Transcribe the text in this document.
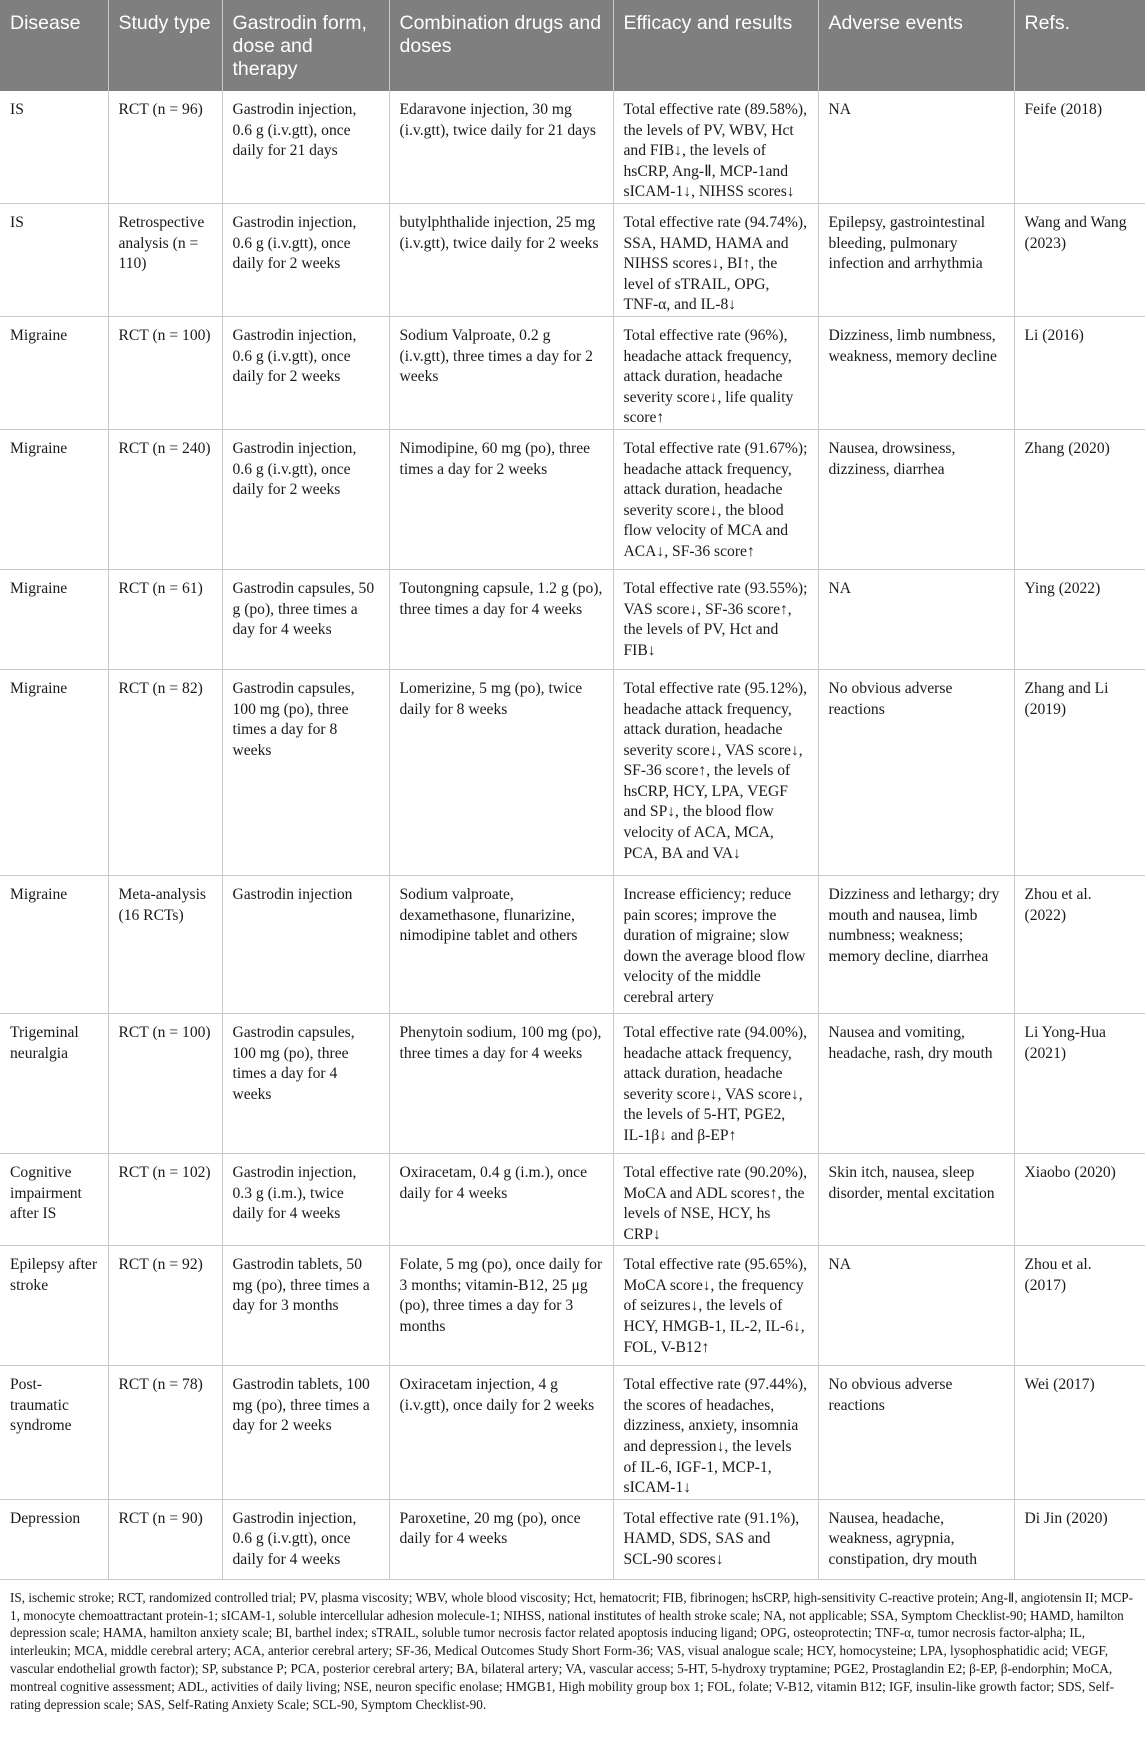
Disease	Study type	Gastrodin form, dose and therapy	Combination drugs and doses	Efficacy and results	Adverse events	Refs.
IS	RCT (n = 96)	Gastrodin injection, 0.6 g (i.v.gtt), once daily for 21 days	Edaravone injection, 30 mg (i.v.gtt), twice daily for 21 days	Total effective rate (89.58%), the levels of PV, WBV, Hct and FIB↓, the levels of hsCRP, Ang-Ⅱ, MCP-1and sICAM-1↓, NIHSS scores↓	NA	Feife (2018)
IS	Retrospective analysis (n = 110)	Gastrodin injection, 0.6 g (i.v.gtt), once daily for 2 weeks	butylphthalide injection, 25 mg (i.v.gtt), twice daily for 2 weeks	Total effective rate (94.74%), SSA, HAMD, HAMA and NIHSS scores↓, BI↑, the level of sTRAIL, OPG, TNF-α, and IL-8↓	Epilepsy, gastrointestinal bleeding, pulmonary infection and arrhythmia	Wang and Wang (2023)
Migraine	RCT (n = 100)	Gastrodin injection, 0.6 g (i.v.gtt), once daily for 2 weeks	Sodium Valproate, 0.2 g (i.v.gtt), three times a day for 2 weeks	Total effective rate (96%), headache attack frequency, attack duration, headache severity score↓, life quality score↑	Dizziness, limb numbness, weakness, memory decline	Li (2016)
Migraine	RCT (n = 240)	Gastrodin injection, 0.6 g (i.v.gtt), once daily for 2 weeks	Nimodipine, 60 mg (po), three times a day for 2 weeks	Total effective rate (91.67%); headache attack frequency, attack duration, headache severity score↓, the blood flow velocity of MCA and ACA↓, SF-36 score↑	Nausea, drowsiness, dizziness, diarrhea	Zhang (2020)
Migraine	RCT (n = 61)	Gastrodin capsules, 50 g (po), three times a day for 4 weeks	Toutongning capsule, 1.2 g (po), three times a day for 4 weeks	Total effective rate (93.55%); VAS score↓, SF-36 score↑, the levels of PV, Hct and FIB↓	NA	Ying (2022)
Migraine	RCT (n = 82)	Gastrodin capsules, 100 mg (po), three times a day for 8 weeks	Lomerizine, 5 mg (po), twice daily for 8 weeks	Total effective rate (95.12%), headache attack frequency, attack duration, headache severity score↓, VAS score↓, SF-36 score↑, the levels of hsCRP, HCY, LPA, VEGF and SP↓, the blood flow velocity of ACA, MCA, PCA, BA and VA↓	No obvious adverse reactions	Zhang and Li (2019)
Migraine	Meta-analysis (16 RCTs)	Gastrodin injection	Sodium valproate, dexamethasone, flunarizine, nimodipine tablet and others	Increase efficiency; reduce pain scores; improve the duration of migraine; slow down the average blood flow velocity of the middle cerebral artery	Dizziness and lethargy; dry mouth and nausea, limb numbness; weakness; memory decline, diarrhea	Zhou et al. (2022)
Trigeminal neuralgia	RCT (n = 100)	Gastrodin capsules, 100 mg (po), three times a day for 4 weeks	Phenytoin sodium, 100 mg (po), three times a day for 4 weeks	Total effective rate (94.00%), headache attack frequency, attack duration, headache severity score↓, VAS score↓, the levels of 5-HT, PGE2, IL-1β↓ and β-EP↑	Nausea and vomiting, headache, rash, dry mouth	Li Yong-Hua (2021)
Cognitive impairment after IS	RCT (n = 102)	Gastrodin injection, 0.3 g (i.m.), twice daily for 4 weeks	Oxiracetam, 0.4 g (i.m.), once daily for 4 weeks	Total effective rate (90.20%), MoCA and ADL scores↑, the levels of NSE, HCY, hs CRP↓	Skin itch, nausea, sleep disorder, mental excitation	Xiaobo (2020)
Epilepsy after stroke	RCT (n = 92)	Gastrodin tablets, 50 mg (po), three times a day for 3 months	Folate, 5 mg (po), once daily for 3 months; vitamin-B12, 25 μg (po), three times a day for 3 months	Total effective rate (95.65%), MoCA score↓, the frequency of seizures↓, the levels of HCY, HMGB-1, IL-2, IL-6↓, FOL, V-B12↑	NA	Zhou et al. (2017)
Post-traumatic syndrome	RCT (n = 78)	Gastrodin tablets, 100 mg (po), three times a day for 2 weeks	Oxiracetam injection, 4 g (i.v.gtt), once daily for 2 weeks	Total effective rate (97.44%), the scores of headaches, dizziness, anxiety, insomnia and depression↓, the levels of IL-6, IGF-1, MCP-1, sICAM-1↓	No obvious adverse reactions	Wei (2017)
Depression	RCT (n = 90)	Gastrodin injection, 0.6 g (i.v.gtt), once daily for 4 weeks	Paroxetine, 20 mg (po), once daily for 4 weeks	Total effective rate (91.1%), HAMD, SDS, SAS and SCL-90 scores↓	Nausea, headache, weakness, agrypnia, constipation, dry mouth	Di Jin (2020)
IS, ischemic stroke; RCT, randomized controlled trial; PV, plasma viscosity; WBV, whole blood viscosity; Hct, hematocrit; FIB, fibrinogen; hsCRP, high-sensitivity C-reactive protein; Ang-Ⅱ, angiotensin II; MCP-1, monocyte chemoattractant protein-1; sICAM-1, soluble intercellular adhesion molecule-1; NIHSS, national institutes of health stroke scale; NA, not applicable; SSA, Symptom Checklist-90; HAMD, hamilton depression scale; HAMA, hamilton anxiety scale; BI, barthel index; sTRAIL, soluble tumor necrosis factor related apoptosis inducing ligand; OPG, osteoprotectin; TNF-α, tumor necrosis factor-alpha; IL, interleukin; MCA, middle cerebral artery; ACA, anterior cerebral artery; SF-36, Medical Outcomes Study Short Form-36; VAS, visual analogue scale; HCY, homocysteine; LPA, lysophosphatidic acid; VEGF, vascular endothelial growth factor); SP, substance P; PCA, posterior cerebral artery; BA, bilateral artery; VA, vascular access; 5-HT, 5-hydroxy tryptamine; PGE2, Prostaglandin E2; β-EP, β-endorphin; MoCA, montreal cognitive assessment; ADL, activities of daily living; NSE, neuron specific enolase; HMGB1, High mobility group box 1; FOL, folate; V-B12, vitamin B12; IGF, insulin-like growth factor; SDS, Self-rating depression scale; SAS, Self-Rating Anxiety Scale; SCL-90, Symptom Checklist-90.
